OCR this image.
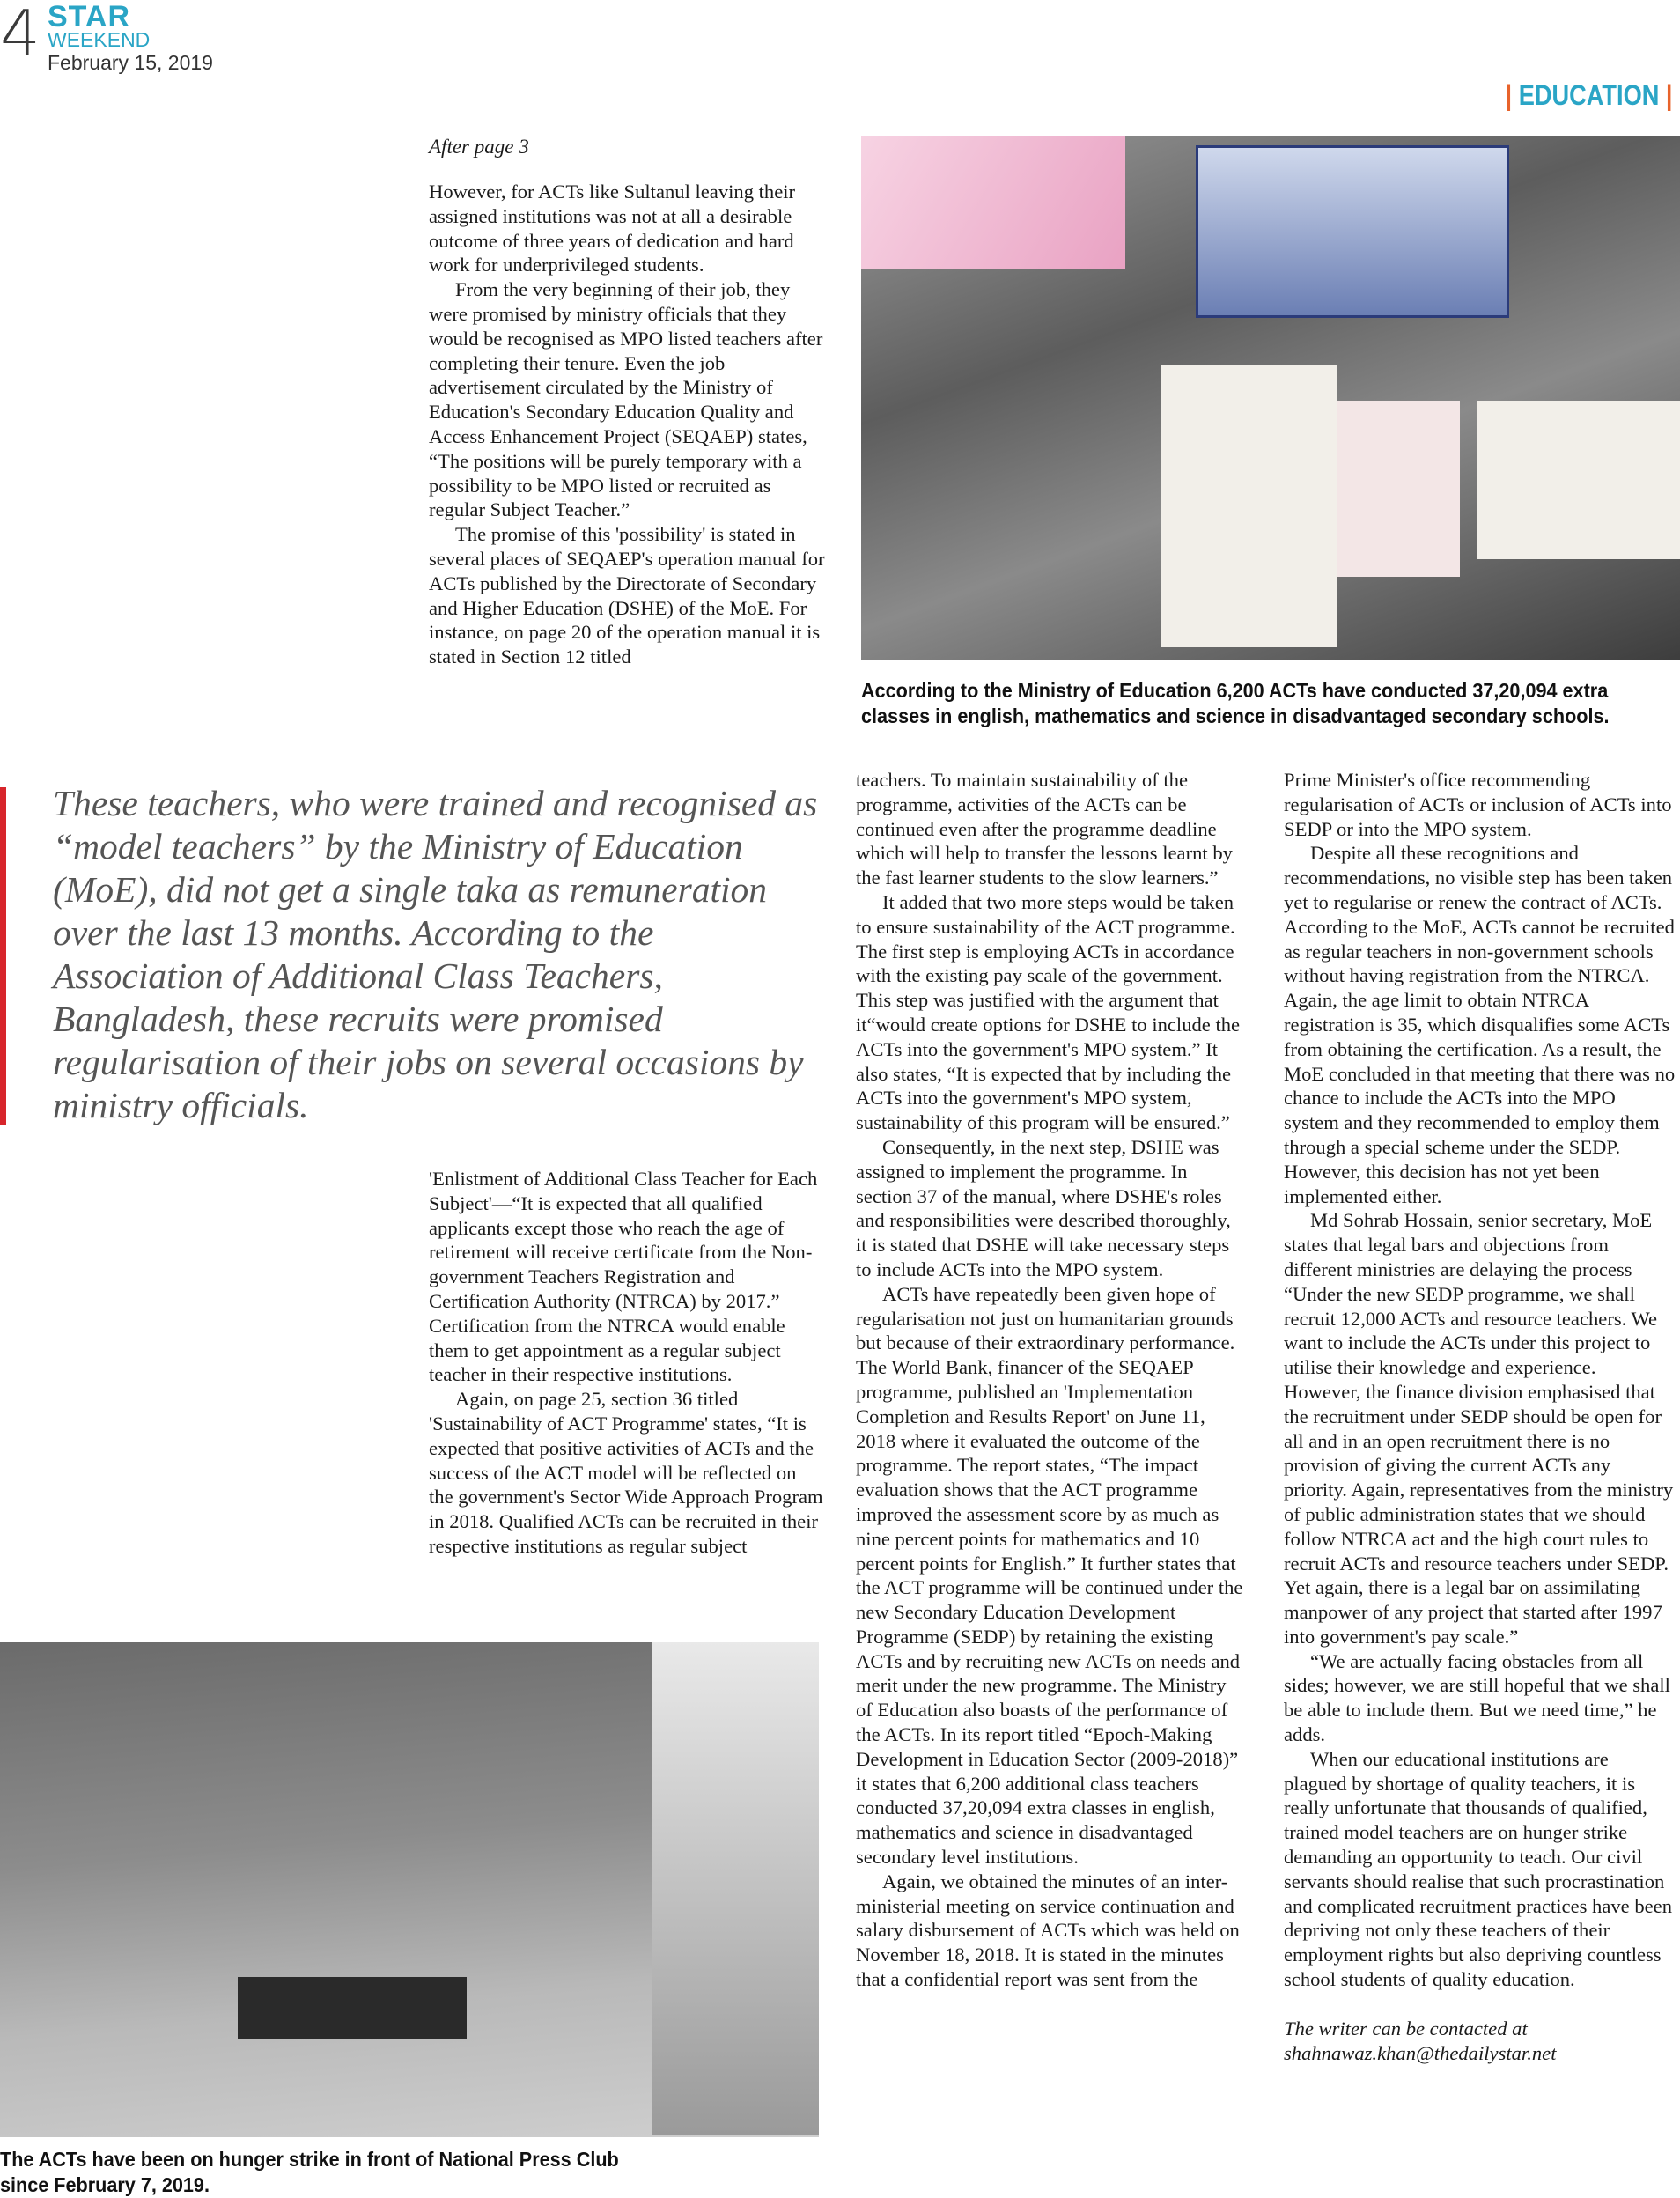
4 STAR
WEEKEND
February 15, 2019
| EDUCATION |
After page 3

However, for ACTs like Sultanul leaving their assigned institutions was not at all a desirable outcome of three years of dedication and hard work for underprivileged students.

From the very beginning of their job, they were promised by ministry officials that they would be recognised as MPO listed teachers after completing their tenure. Even the job advertisement circulated by the Ministry of Education's Secondary Education Quality and Access Enhancement Project (SEQAEP) states, “The positions will be purely temporary with a possibility to be MPO listed or recruited as regular Subject Teacher.”

The promise of this 'possibility' is stated in several places of SEQAEP's operation manual for ACTs published by the Directorate of Secondary and Higher Education (DSHE) of the MoE. For instance, on page 20 of the operation manual it is stated in Section 12 titled

According to the Ministry of Education 6,200 ACTs have conducted 37,20,094 extra
classes in english, mathematics and science in disadvantaged secondary schools.
These teachers, who were trained and recognised as “model teachers” by the Ministry of Education (MoE), did not get a single taka as remuneration over the last 13 months. According to the Association of Additional Class Teachers, Bangladesh, these recruits were promised regularisation of their jobs on several occasions by ministry officials.

'Enlistment of Additional Class Teacher for Each Subject'—“It is expected that all qualified applicants except those who reach the age of retirement will receive certificate from the Non-government Teachers Registration and Certification Authority (NTRCA) by 2017.” Certification from the NTRCA would enable them to get appointment as a regular subject teacher in their respective institutions.

Again, on page 25, section 36 titled 'Sustainability of ACT Programme' states, “It is expected that positive activities of ACTs and the success of the ACT model will be reflected on the government's Sector Wide Approach Program in 2018. Qualified ACTs can be recruited in their respective institutions as regular subject

The ACTs have been on hunger strike in front of National Press Club
since February 7, 2019.

teachers. To maintain sustainability of the programme, activities of the ACTs can be continued even after the programme deadline which will help to transfer the lessons learnt by the fast learner students to the slow learners.”

It added that two more steps would be taken to ensure sustainability of the ACT programme. The first step is employing ACTs in accordance with the existing pay scale of the government. This step was justified with the argument that it“would create options for DSHE to include the ACTs into the government's MPO system.” It also states, “It is expected that by including the ACTs into the government's MPO system, sustainability of this program will be ensured.”

Consequently, in the next step, DSHE was assigned to implement the programme. In section 37 of the manual, where DSHE's roles and responsibilities were described thoroughly, it is stated that DSHE will take necessary steps to include ACTs into the MPO system.

ACTs have repeatedly been given hope of regularisation not just on humanitarian grounds but because of their extraordinary performance. The World Bank, financer of the SEQAEP programme, published an 'Implementation Completion and Results Report' on June 11, 2018 where it evaluated the outcome of the programme. The report states, “The impact evaluation shows that the ACT programme improved the assessment score by as much as nine percent points for mathematics and 10 percent points for English.” It further states that the ACT programme will be continued under the new Secondary Education Development Programme (SEDP) by retaining the existing ACTs and by recruiting new ACTs on needs and merit under the new programme. The Ministry of Education also boasts of the performance of the ACTs. In its report titled “Epoch-Making Development in Education Sector (2009-2018)” it states that 6,200 additional class teachers conducted 37,20,094 extra classes in english, mathematics and science in disadvantaged secondary level institutions.

Again, we obtained the minutes of an inter-ministerial meeting on service continuation and salary disbursement of ACTs which was held on November 18, 2018. It is stated in the minutes that a confidential report was sent from the

Prime Minister's office recommending regularisation of ACTs or inclusion of ACTs into SEDP or into the MPO system.

Despite all these recognitions and recommendations, no visible step has been taken yet to regularise or renew the contract of ACTs. According to the MoE, ACTs cannot be recruited as regular teachers in non-government schools without having registration from the NTRCA. Again, the age limit to obtain NTRCA registration is 35, which disqualifies some ACTs from obtaining the certification. As a result, the MoE concluded in that meeting that there was no chance to include the ACTs into the MPO system and they recommended to employ them through a special scheme under the SEDP. However, this decision has not yet been implemented either.

Md Sohrab Hossain, senior secretary, MoE states that legal bars and objections from different ministries are delaying the process “Under the new SEDP programme, we shall recruit 12,000 ACTs and resource teachers. We want to include the ACTs under this project to utilise their knowledge and experience. However, the finance division emphasised that the recruitment under SEDP should be open for all and in an open recruitment there is no provision of giving the current ACTs any priority. Again, representatives from the ministry of public administration states that we should follow NTRCA act and the high court rules to recruit ACTs and resource teachers under SEDP. Yet again, there is a legal bar on assimilating manpower of any project that started after 1997 into government's pay scale.”

“We are actually facing obstacles from all sides; however, we are still hopeful that we shall be able to include them. But we need time,” he adds.

When our educational institutions are plagued by shortage of quality teachers, it is really unfortunate that thousands of qualified, trained model teachers are on hunger strike demanding an opportunity to teach. Our civil servants should realise that such procrastination and complicated recruitment practices have been depriving not only these teachers of their employment rights but also depriving countless school students of quality education.

The writer can be contacted at
shahnawaz.khan@thedailystar.net
